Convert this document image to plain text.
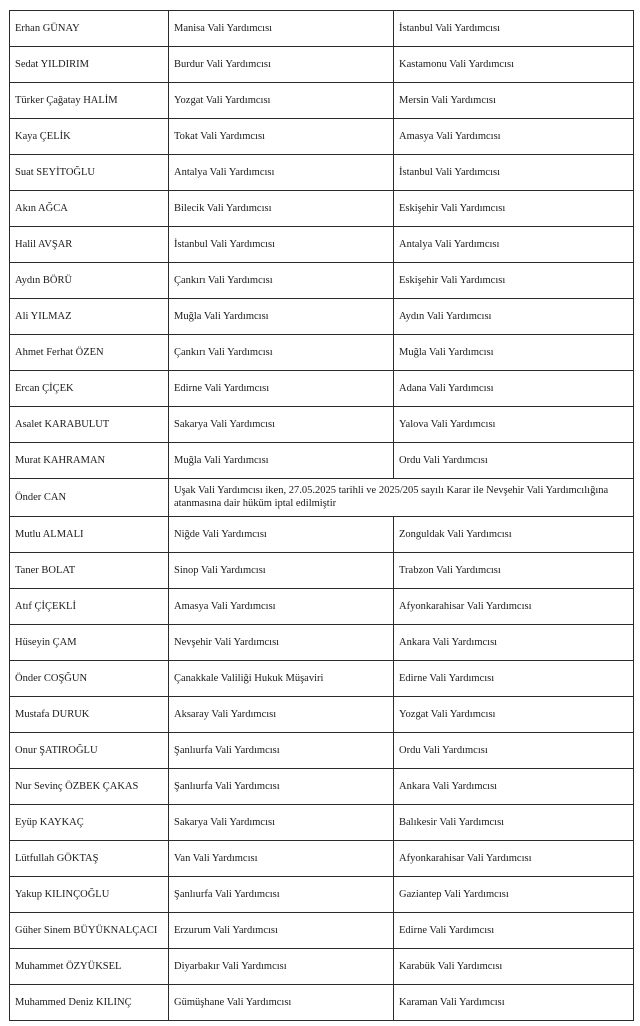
Erhan GÜNAY	Manisa Vali Yardımcısı	İstanbul Vali Yardımcısı
Sedat YILDIRIM	Burdur Vali Yardımcısı	Kastamonu Vali Yardımcısı
Türker Çağatay HALİM	Yozgat Vali Yardımcısı	Mersin Vali Yardımcısı
Kaya ÇELİK	Tokat Vali Yardımcısı	Amasya Vali Yardımcısı
Suat SEYİTOĞLU	Antalya Vali Yardımcısı	İstanbul Vali Yardımcısı
Akın AĞCA	Bilecik Vali Yardımcısı	Eskişehir Vali Yardımcısı
Halil AVŞAR	İstanbul Vali Yardımcısı	Antalya Vali Yardımcısı
Aydın BÖRÜ	Çankırı Vali Yardımcısı	Eskişehir Vali Yardımcısı
Ali YILMAZ	Muğla Vali Yardımcısı	Aydın Vali Yardımcısı
Ahmet Ferhat ÖZEN	Çankırı Vali Yardımcısı	Muğla Vali Yardımcısı
Ercan ÇİÇEK	Edirne Vali Yardımcısı	Adana Vali Yardımcısı
Asalet KARABULUT	Sakarya Vali Yardımcısı	Yalova Vali Yardımcısı
Murat KAHRAMAN	Muğla Vali Yardımcısı	Ordu Vali Yardımcısı
Önder CAN	Uşak Vali Yardımcısı iken, 27.05.2025 tarihli ve 2025/205 sayılı Karar ile Nevşehir Vali Yardımcılığına atanmasına dair hüküm iptal edilmiştir	
Mutlu ALMALI	Niğde Vali Yardımcısı	Zonguldak Vali Yardımcısı
Taner BOLAT	Sinop Vali Yardımcısı	Trabzon Vali Yardımcısı
Atıf ÇİÇEKLİ	Amasya Vali Yardımcısı	Afyonkarahisar Vali Yardımcısı
Hüseyin ÇAM	Nevşehir Vali Yardımcısı	Ankara Vali Yardımcısı
Önder COŞĞUN	Çanakkale Valiliği Hukuk Müşaviri	Edirne Vali Yardımcısı
Mustafa DURUK	Aksaray Vali Yardımcısı	Yozgat Vali Yardımcısı
Onur ŞATIROĞLU	Şanlıurfa Vali Yardımcısı	Ordu Vali Yardımcısı
Nur Sevinç ÖZBEK ÇAKAS	Şanlıurfa Vali Yardımcısı	Ankara Vali Yardımcısı
Eyüp KAYKAÇ	Sakarya Vali Yardımcısı	Balıkesir Vali Yardımcısı
Lütfullah GÖKTAŞ	Van Vali Yardımcısı	Afyonkarahisar Vali Yardımcısı
Yakup KILINÇOĞLU	Şanlıurfa Vali Yardımcısı	Gaziantep Vali Yardımcısı
Güher Sinem BÜYÜKNALÇACI	Erzurum Vali Yardımcısı	Edirne Vali Yardımcısı
Muhammet ÖZYÜKSEL	Diyarbakır Vali Yardımcısı	Karabük Vali Yardımcısı
Muhammed Deniz KILINÇ	Gümüşhane Vali Yardımcısı	Karaman Vali Yardımcısı
